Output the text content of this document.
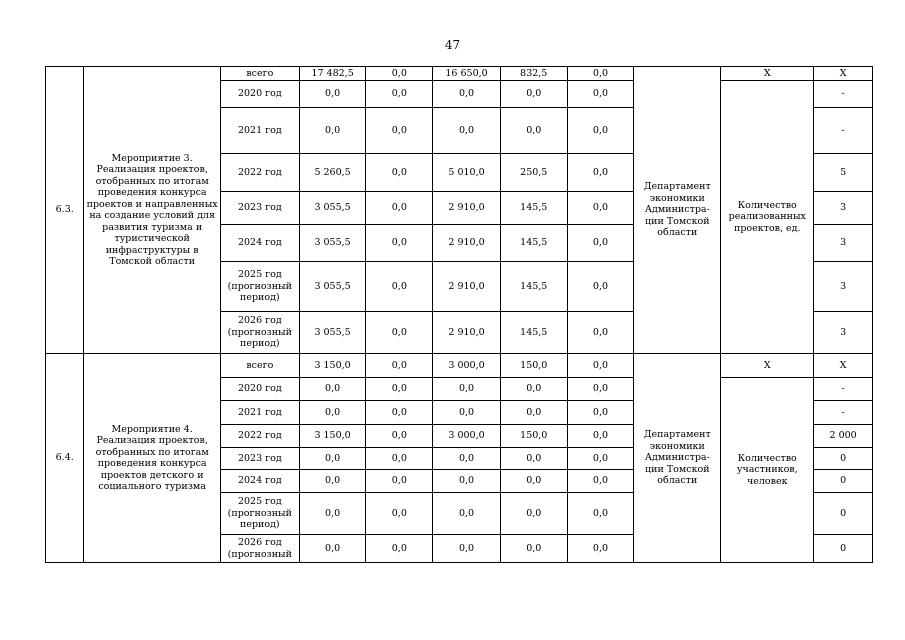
47
6.3.	Мероприятие 3. Реализация проектов, отобранных по итогам проведения конкурса проектов и направленных на создание условий для развития туризма и туристической инфраструктуры в Томской области	всего	17 482,5	0,0	16 650,0	832,5	0,0	Департамент экономики Администра-ции Томской области	Х	Х
		2020 год	0,0	0,0	0,0	0,0	0,0		Количество реализованных проектов, ед.	-
		2021 год	0,0	0,0	0,0	0,0	0,0			-
		2022 год	5 260,5	0,0	5 010,0	250,5	0,0			5
		2023 год	3 055,5	0,0	2 910,0	145,5	0,0			3
		2024 год	3 055,5	0,0	2 910,0	145,5	0,0			3
		2025 год (прогнозный период)	3 055,5	0,0	2 910,0	145,5	0,0			3
		2026 год (прогнозный период)	3 055,5	0,0	2 910,0	145,5	0,0			3
6.4.	Мероприятие 4. Реализация проектов, отобранных по итогам проведения конкурса проектов детского и социального туризма	всего	3 150,0	0,0	3 000,0	150,0	0,0	Департамент экономики Администра-ции Томской области	Х	Х
		2020 год	0,0	0,0	0,0	0,0	0,0		Количество участников, человек	-
		2021 год	0,0	0,0	0,0	0,0	0,0			-
		2022 год	3 150,0	0,0	3 000,0	150,0	0,0			2 000
		2023 год	0,0	0,0	0,0	0,0	0,0			0
		2024 год	0,0	0,0	0,0	0,0	0,0			0
		2025 год (прогнозный период)	0,0	0,0	0,0	0,0	0,0			0
		2026 год (прогнозный	0,0	0,0	0,0	0,0	0,0			0
